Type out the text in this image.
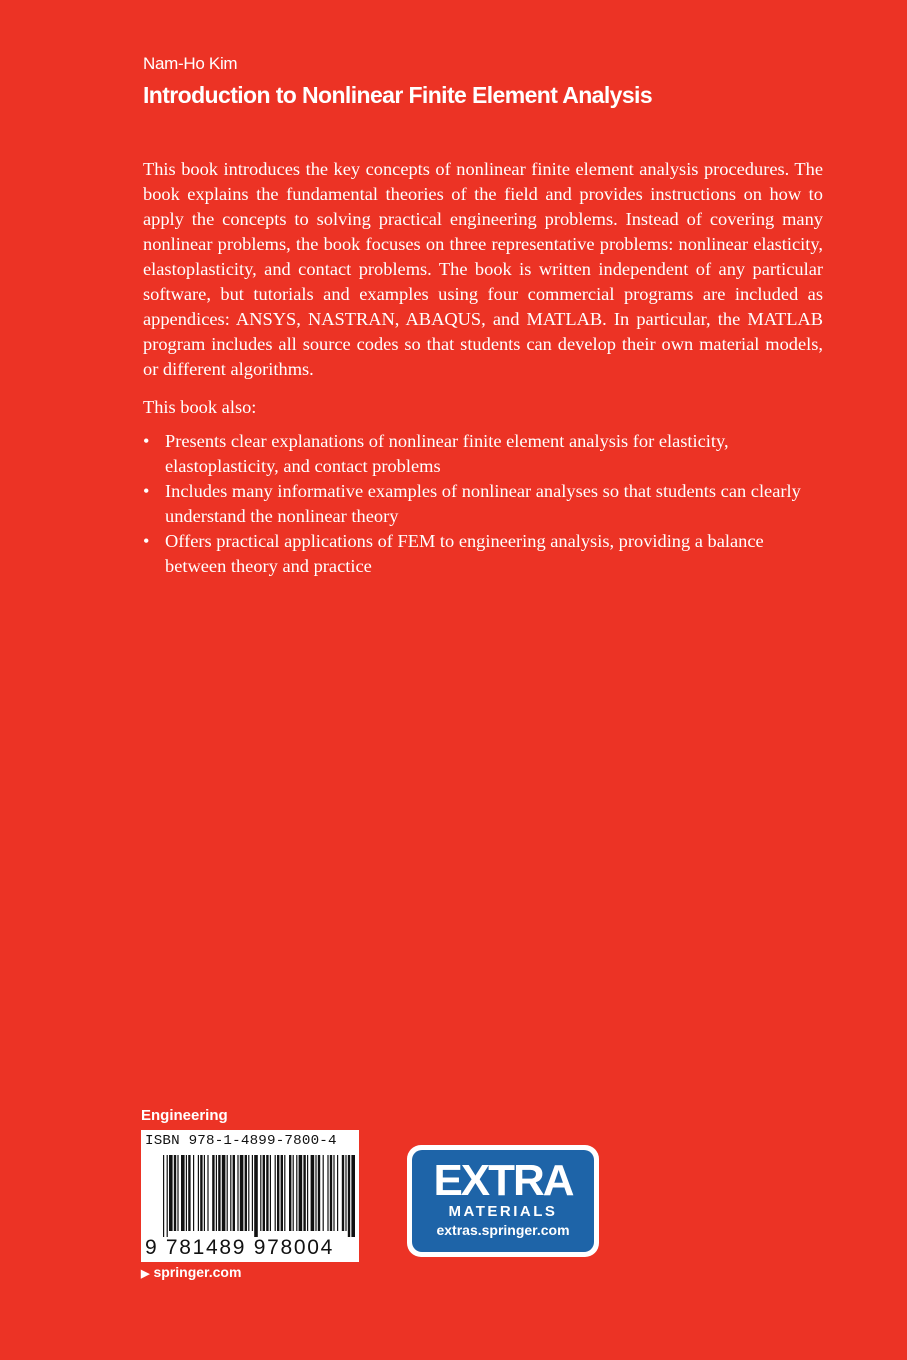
Nam-Ho Kim
Introduction to Nonlinear Finite Element Analysis

This book introduces the key concepts of nonlinear finite element analysis procedures. The book explains the fundamental theories of the field and provides instructions on how to apply the concepts to solving practical engineering problems. Instead of covering many nonlinear problems, the book focuses on three representative problems: nonlinear elasticity, elastoplasticity, and contact problems. The book is written independent of any particular software, but tutorials and examples using four commercial programs are included as appendices: ANSYS, NASTRAN, ABAQUS, and MATLAB. In particular, the MATLAB program includes all source codes so that students can develop their own material models, or different algorithms.

This book also:
• Presents clear explanations of nonlinear finite element analysis for elasticity, elastoplasticity, and contact problems
• Includes many informative examples of nonlinear analyses so that students can clearly understand the nonlinear theory
• Offers practical applications of FEM to engineering analysis, providing a balance between theory and practice
Engineering
ISBN 978-1-4899-7800-4
9 781489 978004
▶ springer.com
EXTRA
MATERIALS
extras.springer.com
